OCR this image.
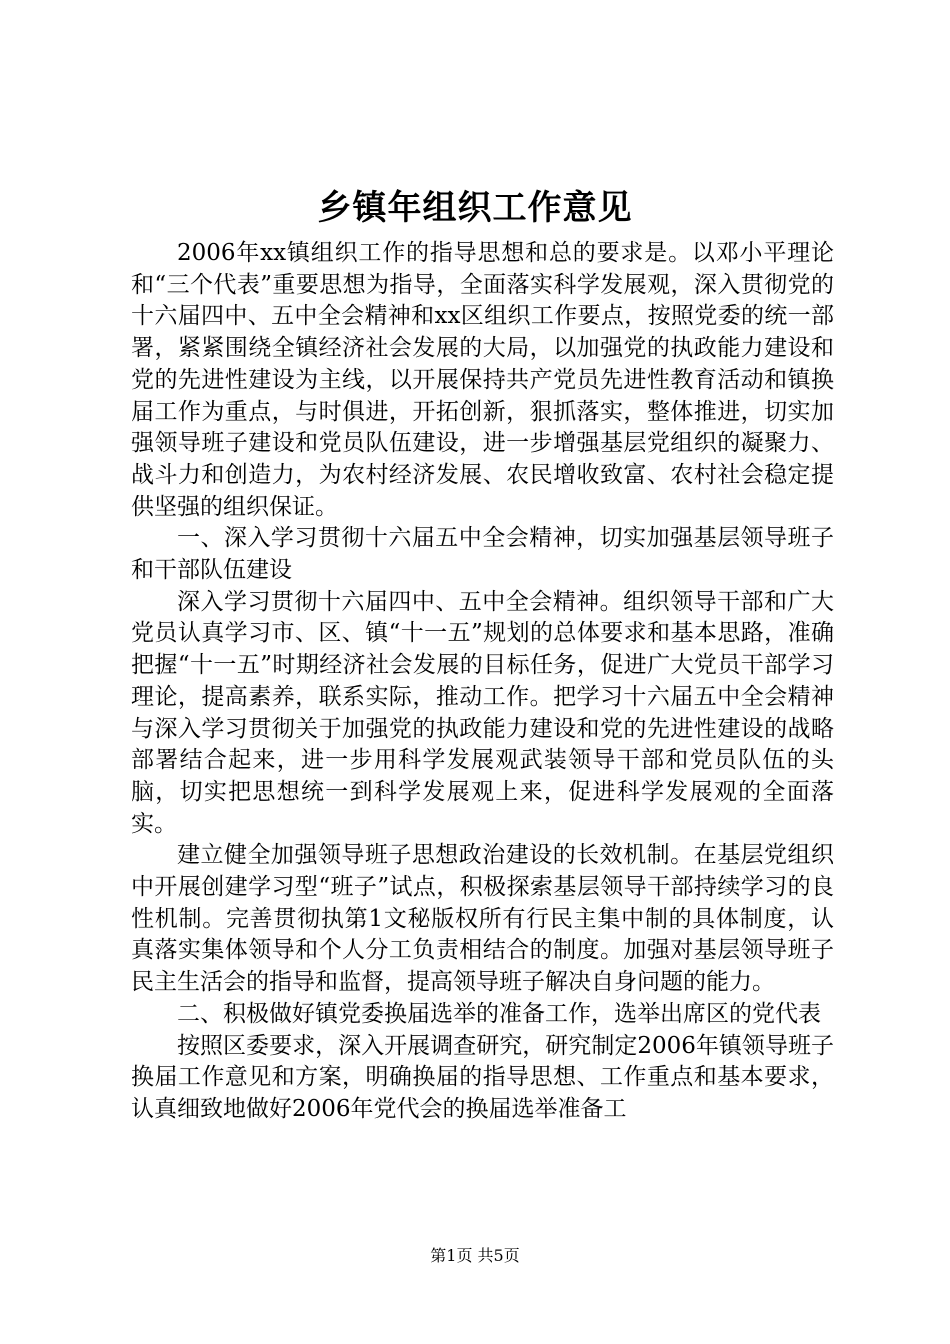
乡镇年组织工作意见

2006年xx镇组织工作的指导思想和总的要求是。以邓小平理论和“三个代表”重要思想为指导，全面落实科学发展观，深入贯彻党的十六届四中、五中全会精神和xx区组织工作要点，按照党委的统一部署，紧紧围绕全镇经济社会发展的大局，以加强党的执政能力建设和党的先进性建设为主线，以开展保持共产党员先进性教育活动和镇换届工作为重点，与时俱进，开拓创新，狠抓落实，整体推进，切实加强领导班子建设和党员队伍建设，进一步增强基层党组织的凝聚力、战斗力和创造力，为农村经济发展、农民增收致富、农村社会稳定提供坚强的组织保证。

一、深入学习贯彻十六届五中全会精神，切实加强基层领导班子和干部队伍建设

深入学习贯彻十六届四中、五中全会精神。组织领导干部和广大党员认真学习市、区、镇“十一五”规划的总体要求和基本思路，准确把握“十一五”时期经济社会发展的目标任务，促进广大党员干部学习理论，提高素养，联系实际，推动工作。把学习十六届五中全会精神与深入学习贯彻关于加强党的执政能力建设和党的先进性建设的战略部署结合起来，进一步用科学发展观武装领导干部和党员队伍的头脑，切实把思想统一到科学发展观上来，促进科学发展观的全面落实。

建立健全加强领导班子思想政治建设的长效机制。在基层党组织中开展创建学习型“班子”试点，积极探索基层领导干部持续学习的良性机制。完善贯彻执第1文秘版权所有行民主集中制的具体制度，认真落实集体领导和个人分工负责相结合的制度。加强对基层领导班子民主生活会的指导和监督，提高领导班子解决自身问题的能力。

二、积极做好镇党委换届选举的准备工作，选举出席区的党代表

按照区委要求，深入开展调查研究，研究制定2006年镇领导班子换届工作意见和方案，明确换届的指导思想、工作重点和基本要求，认真细致地做好2006年党代会的换届选举准备工

第1页 共5页
